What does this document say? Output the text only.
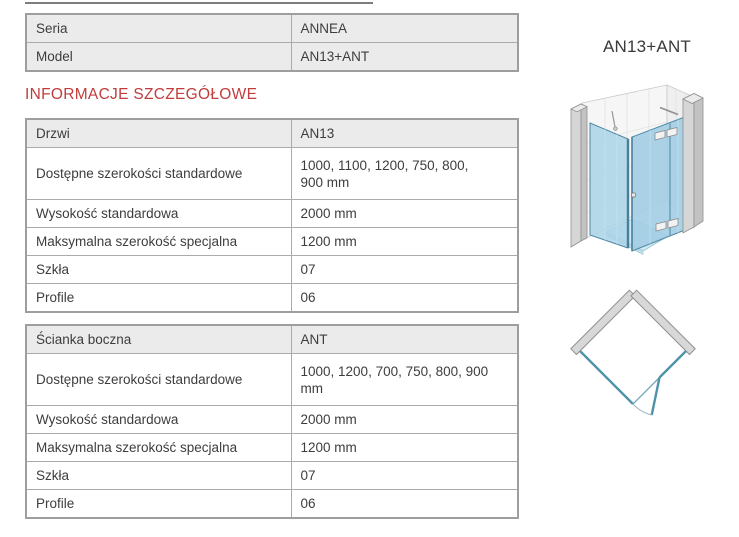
Seria	ANNEA
Model	AN13+ANT
INFORMACJE SZCZEGÓŁOWE
Drzwi	AN13
Dostępne szerokości standardowe	1000, 1100, 1200, 750, 800, 900 mm
Wysokość standardowa	2000 mm
Maksymalna szerokość specjalna	1200 mm
Szkła	07
Profile	06
Ścianka boczna	ANT
Dostępne szerokości standardowe	1000, 1200, 700, 750, 800, 900 mm
Wysokość standardowa	2000 mm
Maksymalna szerokość specjalna	1200 mm
Szkła	07
Profile	06
AN13+ANT
